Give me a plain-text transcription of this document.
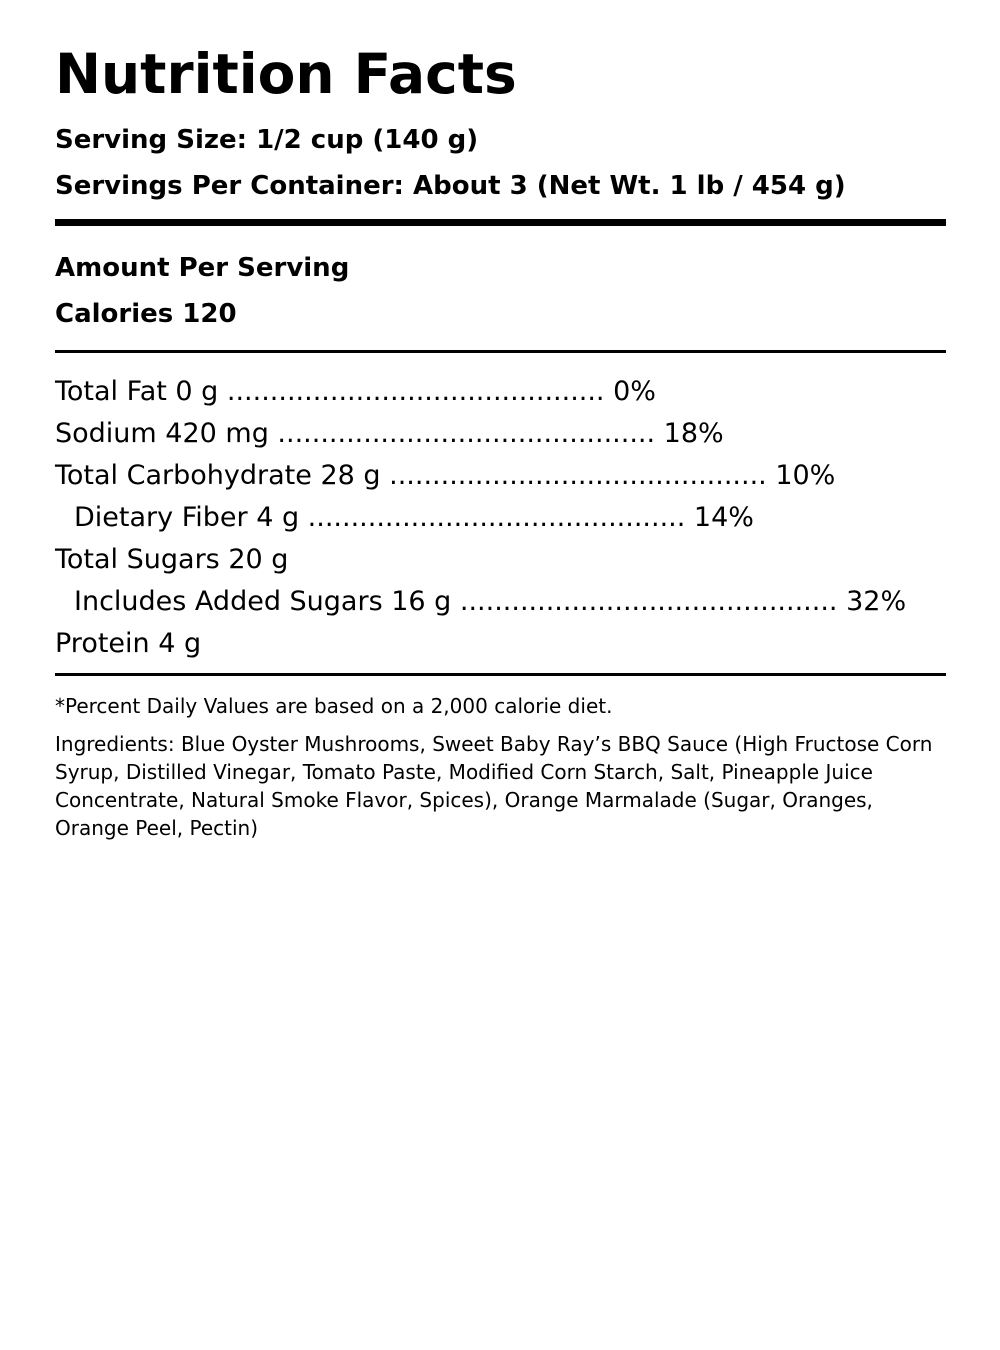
Nutrition Facts
Serving Size: 1/2 cup (140 g)
Servings Per Container: About 3 (Net Wt. 1 lb / 454 g)
Amount Per Serving
Calories 120
Total Fat 0 g ............................................ 0%
Sodium 420 mg ............................................ 18%
Total Carbohydrate 28 g ............................................ 10%
Dietary Fiber 4 g ............................................ 14%
Total Sugars 20 g
Includes Added Sugars 16 g ............................................ 32%
Protein 4 g
*Percent Daily Values are based on a 2,000 calorie diet.
Ingredients: Blue Oyster Mushrooms, Sweet Baby Ray’s BBQ Sauce (High Fructose Corn Syrup, Distilled Vinegar, Tomato Paste, Modified Corn Starch, Salt, Pineapple Juice Concentrate, Natural Smoke Flavor, Spices), Orange Marmalade (Sugar, Oranges, Orange Peel, Pectin)
